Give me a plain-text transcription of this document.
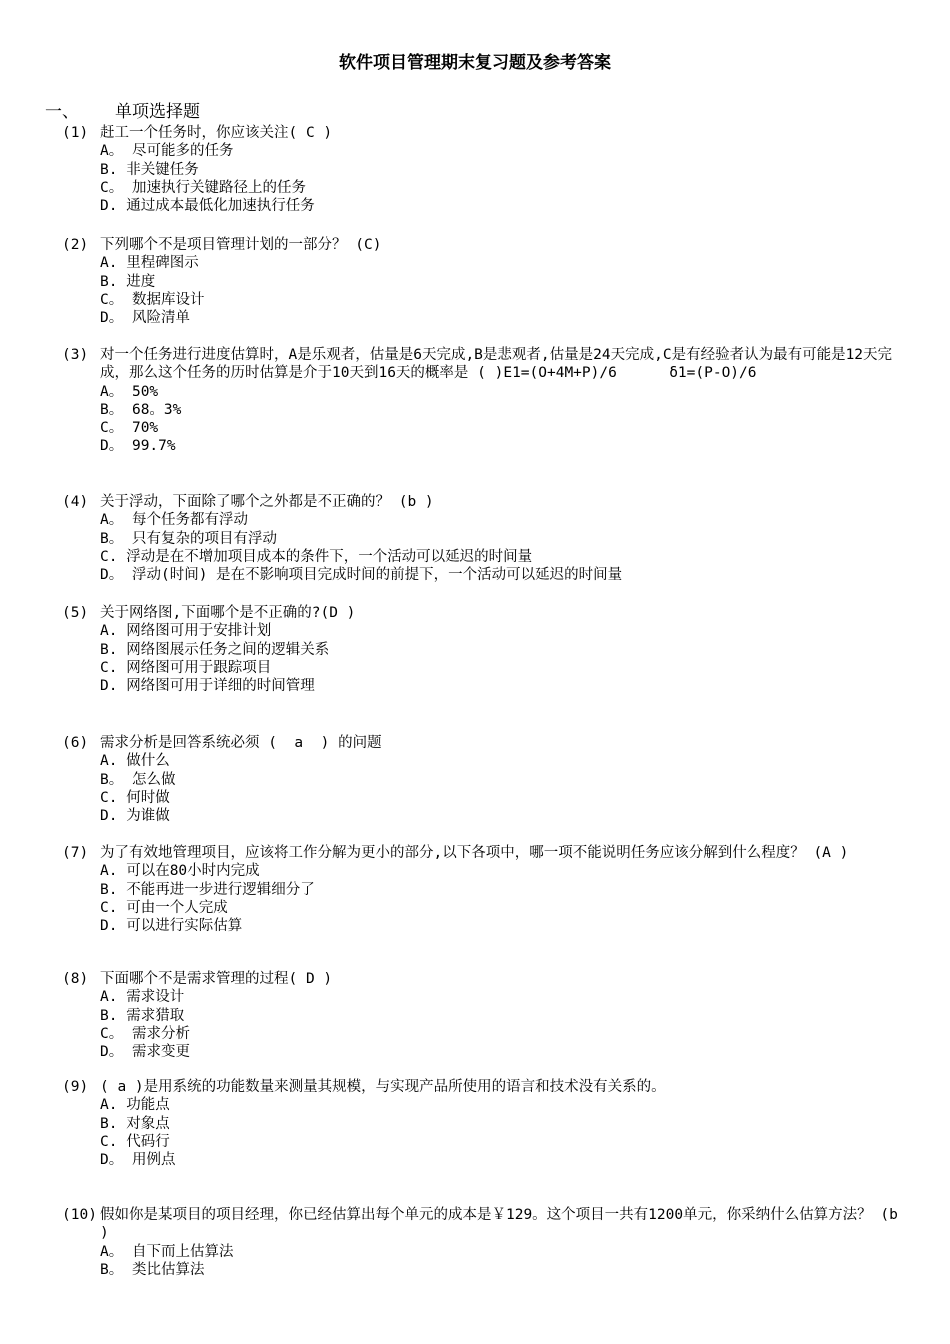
软件项目管理期末复习题及参考答案
一、 单项选择题
(1) 赶工一个任务时，你应该关注( C )
A。 尽可能多的任务
B. 非关键任务
C。 加速执行关键路径上的任务
D. 通过成本最低化加速执行任务
(2) 下列哪个不是项目管理计划的一部分？ (C)
A. 里程碑图示
B. 进度
C。 数据库设计
D。 风险清单
(3) 对一个任务进行进度估算时，A是乐观者，估量是6天完成,B是悲观者,估量是24天完成,C是有经验者认为最有可能是12天完成，那么这个任务的历时估算是介于10天到16天的概率是 ( )E1=(O+4M+P)/6      δ1=(P-O)/6
A。 50%
B。 68。3%
C。 70%
D。 99.7%
(4) 关于浮动，下面除了哪个之外都是不正确的？ (b )
A。 每个任务都有浮动
B。 只有复杂的项目有浮动
C. 浮动是在不增加项目成本的条件下，一个活动可以延迟的时间量
D。 浮动(时间) 是在不影响项目完成时间的前提下，一个活动可以延迟的时间量
(5) 关于网络图,下面哪个是不正确的?(D )
A. 网络图可用于安排计划
B. 网络图展示任务之间的逻辑关系
C. 网络图可用于跟踪项目
D. 网络图可用于详细的时间管理
(6) 需求分析是回答系统必须 (  a  ) 的问题
A. 做什么
B。 怎么做
C. 何时做
D. 为谁做
(7) 为了有效地管理项目，应该将工作分解为更小的部分,以下各项中，哪一项不能说明任务应该分解到什么程度？ (A )
A. 可以在80小时内完成
B. 不能再进一步进行逻辑细分了
C. 可由一个人完成
D. 可以进行实际估算
(8) 下面哪个不是需求管理的过程( D )
A. 需求设计
B. 需求猎取
C。 需求分析
D。 需求变更
(9) ( a )是用系统的功能数量来测量其规模，与实现产品所使用的语言和技术没有关系的。
A. 功能点
B. 对象点
C. 代码行
D。 用例点
(10) 假如你是某项目的项目经理，你已经估算出每个单元的成本是￥129。这个项目一共有1200单元，你采纳什么估算方法？ (b )
A。 自下而上估算法
B。 类比估算法
